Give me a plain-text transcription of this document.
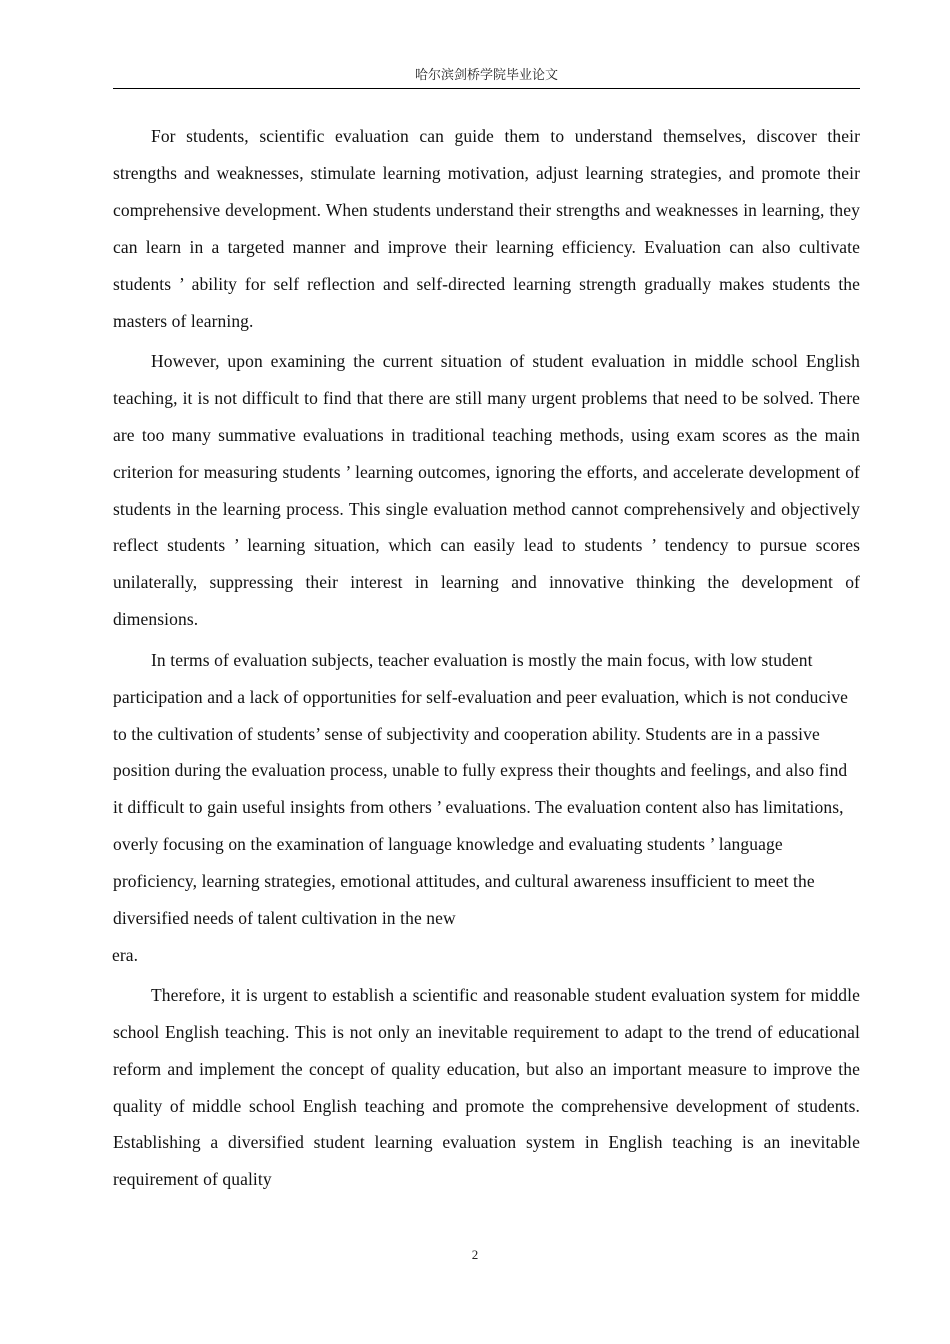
哈尔滨剑桥学院毕业论文

For students, scientific evaluation can guide them to understand themselves, discover their strengths and weaknesses, stimulate learning motivation, adjust learning strategies, and promote their comprehensive development. When students understand their strengths and weaknesses in learning, they can learn in a targeted manner and improve their learning efficiency. Evaluation can also cultivate students ’ ability for self reflection and self-directed learning strength gradually makes students the masters of learning.

However, upon examining the current situation of student evaluation in middle school English teaching, it is not difficult to find that there are still many urgent problems that need to be solved. There are too many summative evaluations in traditional teaching methods, using exam scores as the main criterion for measuring students ’ learning outcomes, ignoring the efforts, and accelerate development of students in the learning process. This single evaluation method cannot comprehensively and objectively reflect students ’ learning situation, which can easily lead to students ’ tendency to pursue scores unilaterally, suppressing their interest in learning and innovative thinking the development of dimensions.

In terms of evaluation subjects, teacher evaluation is mostly the main focus, with low student participation and a lack of opportunities for self-evaluation and peer evaluation, which is not conducive to the cultivation of students’ sense of subjectivity and cooperation ability. Students are in a passive position during the evaluation process, unable to fully express their thoughts and feelings, and also find it difficult to gain useful insights from others ’ evaluations. The evaluation content also has limitations, overly focusing on the examination of language knowledge and evaluating students ’ language proficiency, learning strategies, emotional attitudes, and cultural awareness insufficient to meet the diversified needs of talent cultivation in the new

era.

Therefore, it is urgent to establish a scientific and reasonable student evaluation system for middle school English teaching. This is not only an inevitable requirement to adapt to the trend of educational reform and implement the concept of quality education, but also an important measure to improve the quality of middle school English teaching and promote the comprehensive development of students. Establishing a diversified student learning evaluation system in English teaching is an inevitable requirement of quality

2
